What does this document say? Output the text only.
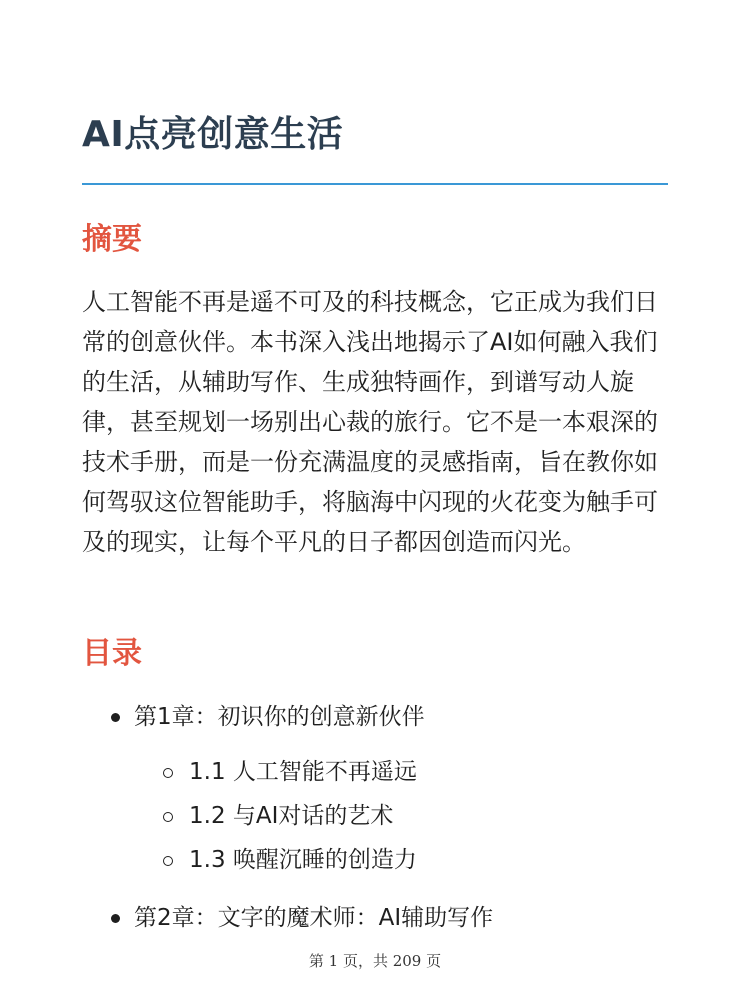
AI点亮创意生活
摘要

人工智能不再是遥不可及的科技概念，它正成为我们日常的创意伙伴。本书深入浅出地揭示了AI如何融入我们的生活，从辅助写作、生成独特画作，到谱写动人旋律，甚至规划一场别出心裁的旅行。它不是一本艰深的技术手册，而是一份充满温度的灵感指南，旨在教你如何驾驭这位智能助手，将脑海中闪现的火花变为触手可及的现实，让每个平凡的日子都因创造而闪光。

目录
第1章：初识你的创意新伙伴
1.1 人工智能不再遥远
1.2 与AI对话的艺术
1.3 唤醒沉睡的创造力
第2章：文字的魔术师：AI辅助写作
第 1 页，共 209 页
